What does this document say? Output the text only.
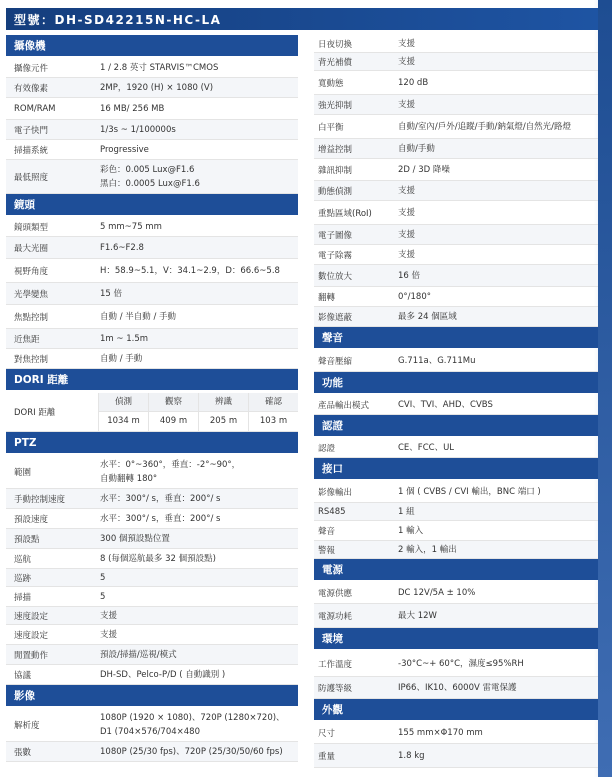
型號：DH-SD42215N-HC-LA
攝像機
攝像元件	1 / 2.8 英寸 STARVIS™CMOS
有效像素	2MP，1920 (H) × 1080 (V)
ROM/RAM	16 MB/ 256 MB
電子快門	1/3s ~ 1/100000s
掃描系統	Progressive
最低照度
彩色：0.005 Lux@F1.6
黑白：0.0005 Lux@F1.6
鏡頭
鏡頭類型	5 mm~75 mm
最大光圈	F1.6~F2.8
視野角度	H：58.9~5.1，V：34.1~2.9，D：66.6~5.8
光學變焦	15 倍
焦點控制	自動 / 半自動 / 手動
近焦距	1m ~ 1.5m
對焦控制	自動 / 手動
DORI 距離
DORI 距離
偵測	觀察	辨識	確認
1034 m	409 m	205 m	103 m
PTZ
範圍
水平：0°~360°，垂直：-2°~90°，
自動翻轉 180°
手動控制速度	水平：300°/ s，垂直：200°/ s
預設速度	水平：300°/ s，垂直：200°/ s
預設點	300 個預設點位置
巡航	8 (每個巡航最多 32 個預設點)
巡跡	5
掃描	5
速度設定	支援
速度設定	支援
閒置動作	預設/掃描/巡視/模式
協議	DH-SD、Pelco-P/D ( 自動識別 )
影像
解析度
1080P (1920 × 1080)、720P (1280×720)、
D1 (704×576/704×480
張數	1080P (25/30 fps)、720P (25/30/50/60 fps)
日夜切換	支援
背光補償	支援
寬動態	120 dB
強光抑制	支援
白平衡	自動/室內/戶外/追蹤/手動/鈉氣燈/自然光/路燈
增益控制	自動/手動
雜訊抑制	2D / 3D 降噪
動態偵測	支援
重點區域(RoI)	支援
電子圖像	支援
電子除霧	支援
數位放大	16 倍
翻轉	0°/180°
影像遮蔽	最多 24 個區域
聲音
聲音壓縮	G.711a、G.711Mu
功能
產品輸出模式	CVI、TVI、AHD、CVBS
認證
認證	CE、FCC、UL
接口
影像輸出	1 個 ( CVBS / CVI 輸出，BNC 端口 )
RS485	1 組
聲音	1 輸入
警報	2 輸入，1 輸出
電源
電源供應	DC 12V/5A ± 10%
電源功耗	最大 12W
環境
工作溫度	-30°C~+ 60°C，濕度≤95%RH
防護等級	IP66、IK10、6000V 雷電保護
外觀
尺寸	155 mm×Φ170 mm
重量	1.8 kg
